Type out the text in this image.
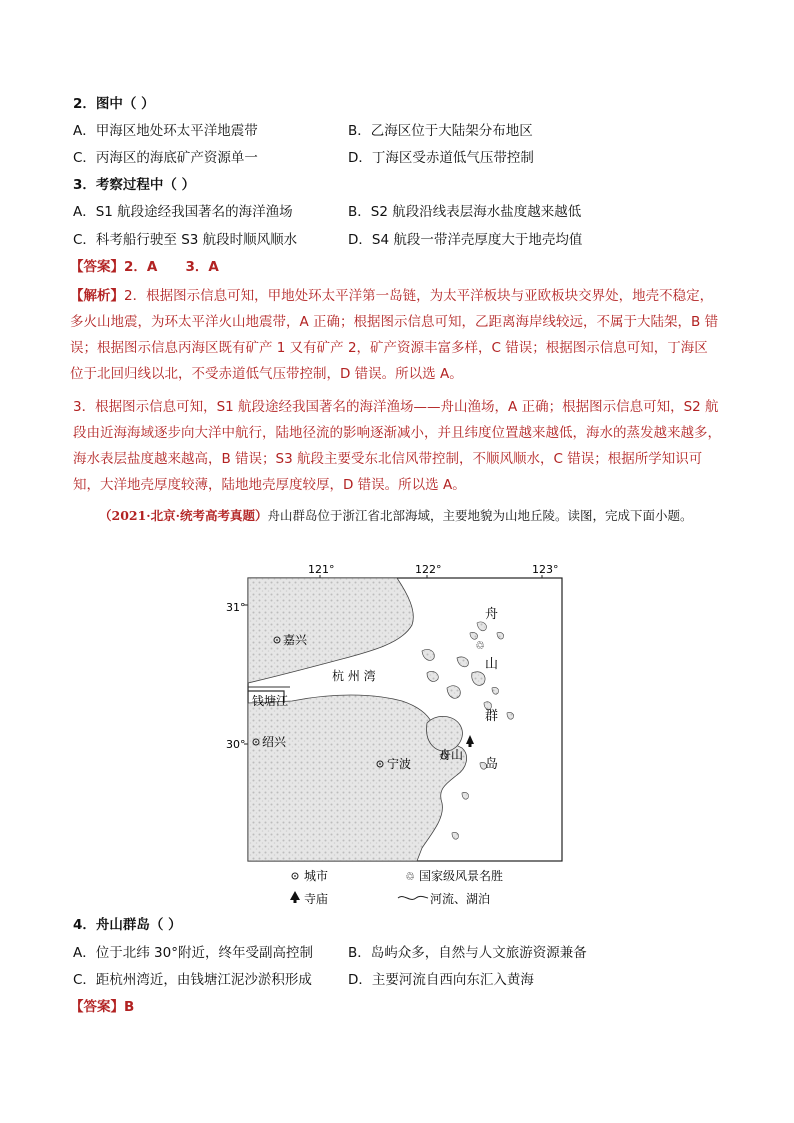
2．图中（ ）
A．甲海区地处环太平洋地震带	B．乙海区位于大陆架分布地区
C．丙海区的海底矿产资源单一	D．丁海区受赤道低气压带控制
3．考察过程中（ ）
A．S1 航段途经我国著名的海洋渔场	B．S2 航段沿线表层海水盐度越来越低
C．科考船行驶至 S3 航段时顺风顺水	D．S4 航段一带洋壳厚度大于地壳均值
【答案】2．A      3．A
【解析】2．根据图示信息可知，甲地处环太平洋第一岛链，为太平洋板块与亚欧板块交界处，地壳不稳定，多火山地震，为环太平洋火山地震带，A 正确；根据图示信息可知，乙距离海岸线较远，不属于大陆架，B 错误；根据图示信息丙海区既有矿产 1 又有矿产 2，矿产资源丰富多样，C 错误；根据图示信息可知，丁海区位于北回归线以北，不受赤道低气压带控制，D 错误。所以选 A。
3．根据图示信息可知，S1 航段途经我国著名的海洋渔场——舟山渔场，A 正确；根据图示信息可知，S2 航段由近海海域逐步向大洋中航行，陆地径流的影响逐渐减小，并且纬度位置越来越低，海水的蒸发越来越多，海水表层盐度越来越高，B 错误；S3 航段主要受东北信风带控制，不顺风顺水，C 错误；根据所学知识可知，大洋地壳厚度较薄，陆地地壳厚度较厚，D 错误。所以选 A。
（2021·北京·统考高考真题）舟山群岛位于浙江省北部海域，主要地貌为山地丘陵。读图，完成下面小题。
121°	122°	123°
31°
30°
嘉兴
杭 州 湾
钱塘江
绍兴
宁波
舟山
♲
舟
山
群
岛
城市	♲ 国家级风景名胜
寺庙	河流、湖泊
4．舟山群岛（ ）
A．位于北纬 30°附近，终年受副高控制	B．岛屿众多，自然与人文旅游资源兼备
C．距杭州湾近，由钱塘江泥沙淤积形成	D．主要河流自西向东汇入黄海
【答案】B
